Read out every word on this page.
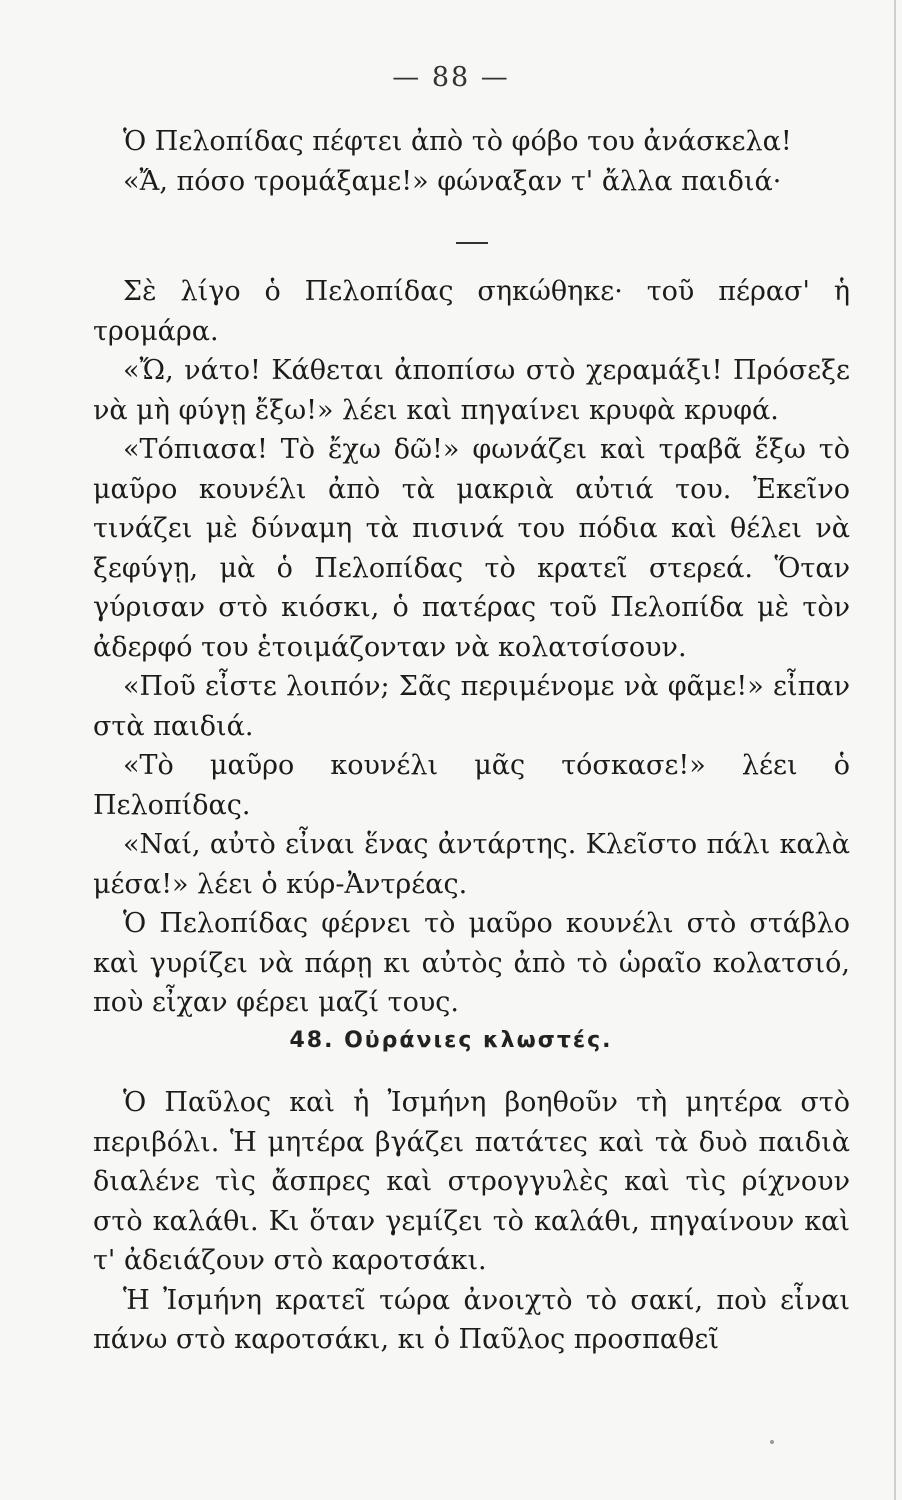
— 88 —

Ὁ Πελοπίδας πέφτει ἀπὸ τὸ φόβο του ἀνάσκελα!

«Ἄ, πόσο τρομάξαμε!» φώναξαν τ' ἄλλα παιδιά·

Σὲ λίγο ὁ Πελοπίδας σηκώθηκε· τοῦ πέρασ' ἡ τρομάρα.

«Ὤ, νάτο! Κάθεται ἀποπίσω στὸ χεραμάξι! Πρόσεξε νὰ μὴ φύγῃ ἔξω!» λέει καὶ πηγαίνει κρυφὰ κρυφά.

«Τόπιασα! Τὸ ἔχω δῶ!» φωνάζει καὶ τραβᾶ ἔξω τὸ μαῦρο κουνέλι ἀπὸ τὰ μακριὰ αὐτιά του. Ἐκεῖνο τινάζει μὲ δύναμη τὰ πισινά του πόδια καὶ θέλει νὰ ξεφύγῃ, μὰ ὁ Πελοπίδας τὸ κρατεῖ στερεά. Ὅταν γύρισαν στὸ κιόσκι, ὁ πατέρας τοῦ Πελοπίδα μὲ τὸν ἀδερφό του ἑτοιμάζονταν νὰ κολατσίσουν.

«Ποῦ εἶστε λοιπόν; Σᾶς περιμένομε νὰ φᾶμε!» εἶπαν στὰ παιδιά.

«Τὸ μαῦρο κουνέλι μᾶς τόσκασε!» λέει ὁ Πελοπίδας.

«Ναί, αὐτὸ εἶναι ἕνας ἀντάρτης. Κλεῖστο πάλι καλὰ μέσα!» λέει ὁ κύρ-Ἀντρέας.

Ὁ Πελοπίδας φέρνει τὸ μαῦρο κουνέλι στὸ στάβλο καὶ γυρίζει νὰ πάρῃ κι αὐτὸς ἀπὸ τὸ ὡραῖο κολατσιό, ποὺ εἶχαν φέρει μαζί τους.

48. Οὐράνιες κλωστές.

Ὁ Παῦλος καὶ ἡ Ἰσμήνη βοηθοῦν τὴ μητέρα στὸ περιβόλι. Ἡ μητέρα βγάζει πατάτες καὶ τὰ δυὸ παιδιὰ διαλένε τὶς ἄσπρες καὶ στρογγυλὲς καὶ τὶς ρίχνουν στὸ καλάθι. Κι ὅταν γεμίζει τὸ καλάθι, πηγαίνουν καὶ τ' ἀδειάζουν στὸ καροτσάκι.

Ἡ Ἰσμήνη κρατεῖ τώρα ἀνοιχτὸ τὸ σακί, ποὺ εἶναι πάνω στὸ καροτσάκι, κι ὁ Παῦλος προσπαθεῖ
